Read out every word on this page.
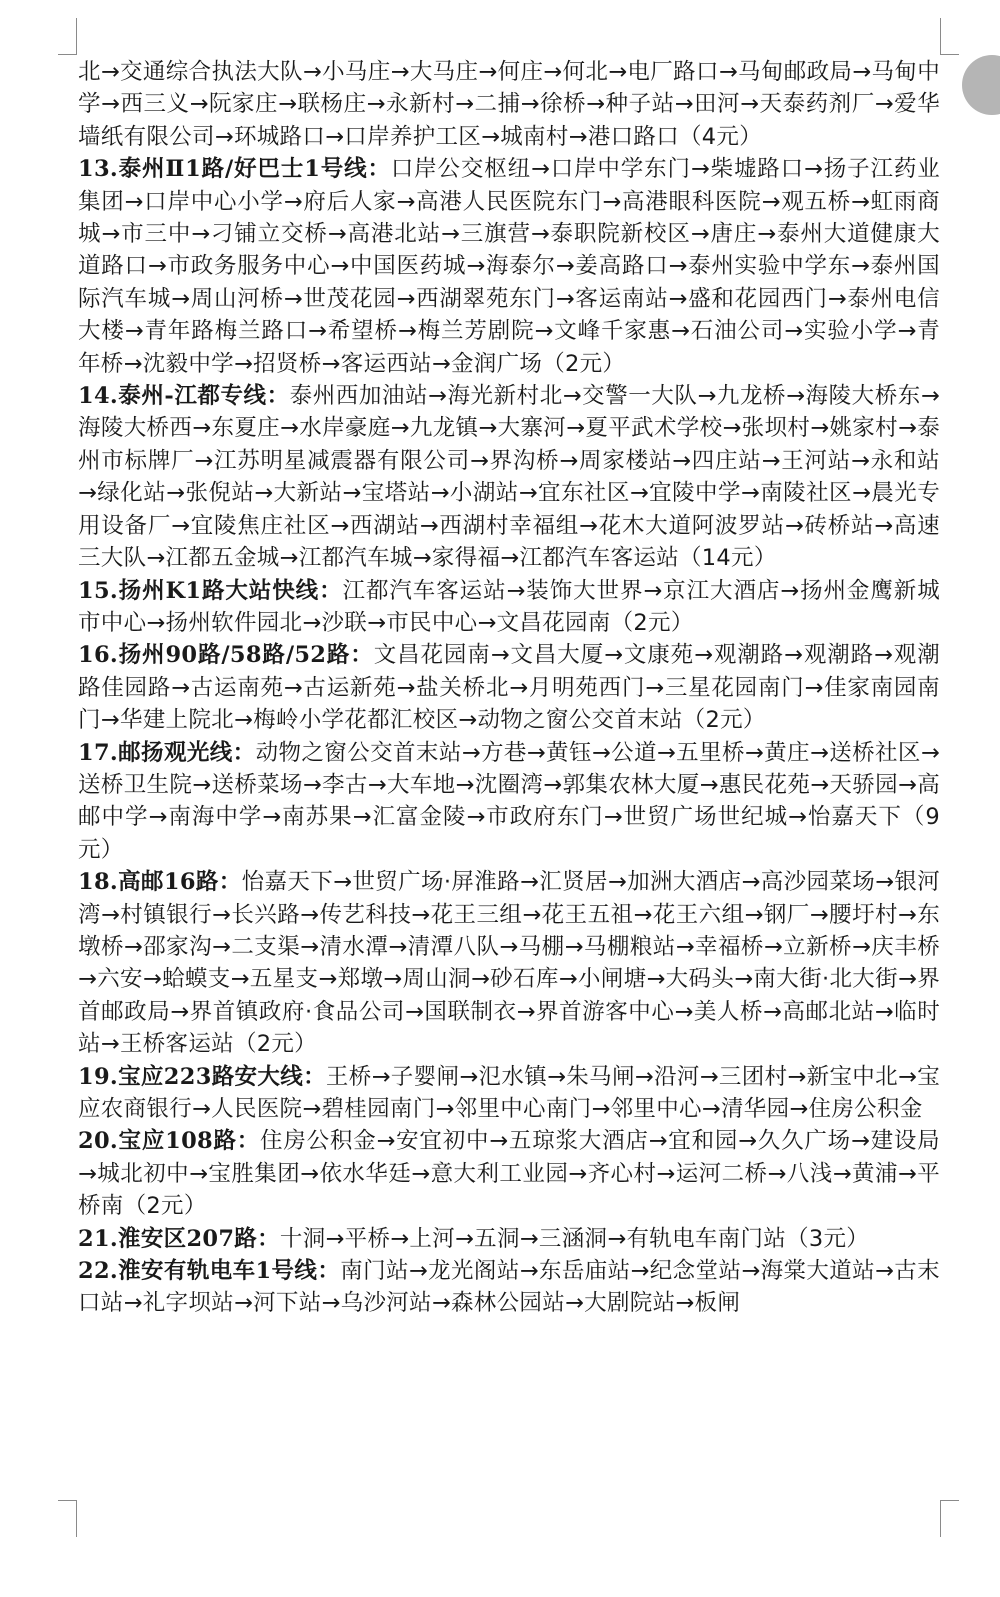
北→交通综合执法大队→小马庄→大马庄→何庄→何北→电厂路口→马甸邮政局→马甸中学→西三义→阮家庄→联杨庄→永新村→二捕→徐桥→种子站→田河→天泰药剂厂→爱华墙纸有限公司→环城路口→口岸养护工区→城南村→港口路口（4元）

13.泰州Ⅱ1路/好巴士1号线：口岸公交枢纽→口岸中学东门→柴墟路口→扬子江药业集团→口岸中心小学→府后人家→高港人民医院东门→高港眼科医院→观五桥→虹雨商城→市三中→刁铺立交桥→高港北站→三旗营→泰职院新校区→唐庄→泰州大道健康大道路口→市政务服务中心→中国医药城→海泰尔→姜高路口→泰州实验中学东→泰州国际汽车城→周山河桥→世茂花园→西湖翠苑东门→客运南站→盛和花园西门→泰州电信大楼→青年路梅兰路口→希望桥→梅兰芳剧院→文峰千家惠→石油公司→实验小学→青年桥→沈毅中学→招贤桥→客运西站→金润广场（2元）

14.泰州-江都专线：泰州西加油站→海光新村北→交警一大队→九龙桥→海陵大桥东→海陵大桥西→东夏庄→水岸豪庭→九龙镇→大寨河→夏平武术学校→张坝村→姚家村→泰州市标牌厂→江苏明星减震器有限公司→界沟桥→周家楼站→四庄站→王河站→永和站→绿化站→张倪站→大新站→宝塔站→小湖站→宜东社区→宜陵中学→南陵社区→晨光专用设备厂→宜陵焦庄社区→西湖站→西湖村幸福组→花木大道阿波罗站→砖桥站→高速三大队→江都五金城→江都汽车城→家得福→江都汽车客运站（14元）

15.扬州K1路大站快线：江都汽车客运站→装饰大世界→京江大酒店→扬州金鹰新城市中心→扬州软件园北→沙联→市民中心→文昌花园南（2元）

16.扬州90路/58路/52路：文昌花园南→文昌大厦→文康苑→观潮路→观潮路→观潮路佳园路→古运南苑→古运新苑→盐关桥北→月明苑西门→三星花园南门→佳家南园南门→华建上院北→梅岭小学花都汇校区→动物之窗公交首末站（2元）

17.邮扬观光线：动物之窗公交首末站→方巷→黄钰→公道→五里桥→黄庄→送桥社区→送桥卫生院→送桥菜场→李古→大车地→沈圈湾→郭集农林大厦→惠民花苑→天骄园→高邮中学→南海中学→南苏果→汇富金陵→市政府东门→世贸广场世纪城→怡嘉天下（9元）

18.高邮16路：怡嘉天下→世贸广场·屏淮路→汇贤居→加洲大酒店→高沙园菜场→银河湾→村镇银行→长兴路→传艺科技→花王三组→花王五祖→花王六组→钢厂→腰圩村→东墩桥→邵家沟→二支渠→清水潭→清潭八队→马棚→马棚粮站→幸福桥→立新桥→庆丰桥→六安→蛤蟆支→五星支→郑墩→周山洞→砂石库→小闸塘→大码头→南大街·北大街→界首邮政局→界首镇政府·食品公司→国联制衣→界首游客中心→美人桥→高邮北站→临时站→王桥客运站（2元）

19.宝应223路安大线：王桥→子婴闸→氾水镇→朱马闸→沿河→三团村→新宝中北→宝应农商银行→人民医院→碧桂园南门→邻里中心南门→邻里中心→清华园→住房公积金

20.宝应108路：住房公积金→安宜初中→五琼浆大酒店→宜和园→久久广场→建设局→城北初中→宝胜集团→依水华廷→意大利工业园→齐心村→运河二桥→八浅→黄浦→平桥南（2元）

21.淮安区207路：十洞→平桥→上河→五洞→三涵洞→有轨电车南门站（3元）

22.淮安有轨电车1号线：南门站→龙光阁站→东岳庙站→纪念堂站→海棠大道站→古末口站→礼字坝站→河下站→乌沙河站→森林公园站→大剧院站→板闸
